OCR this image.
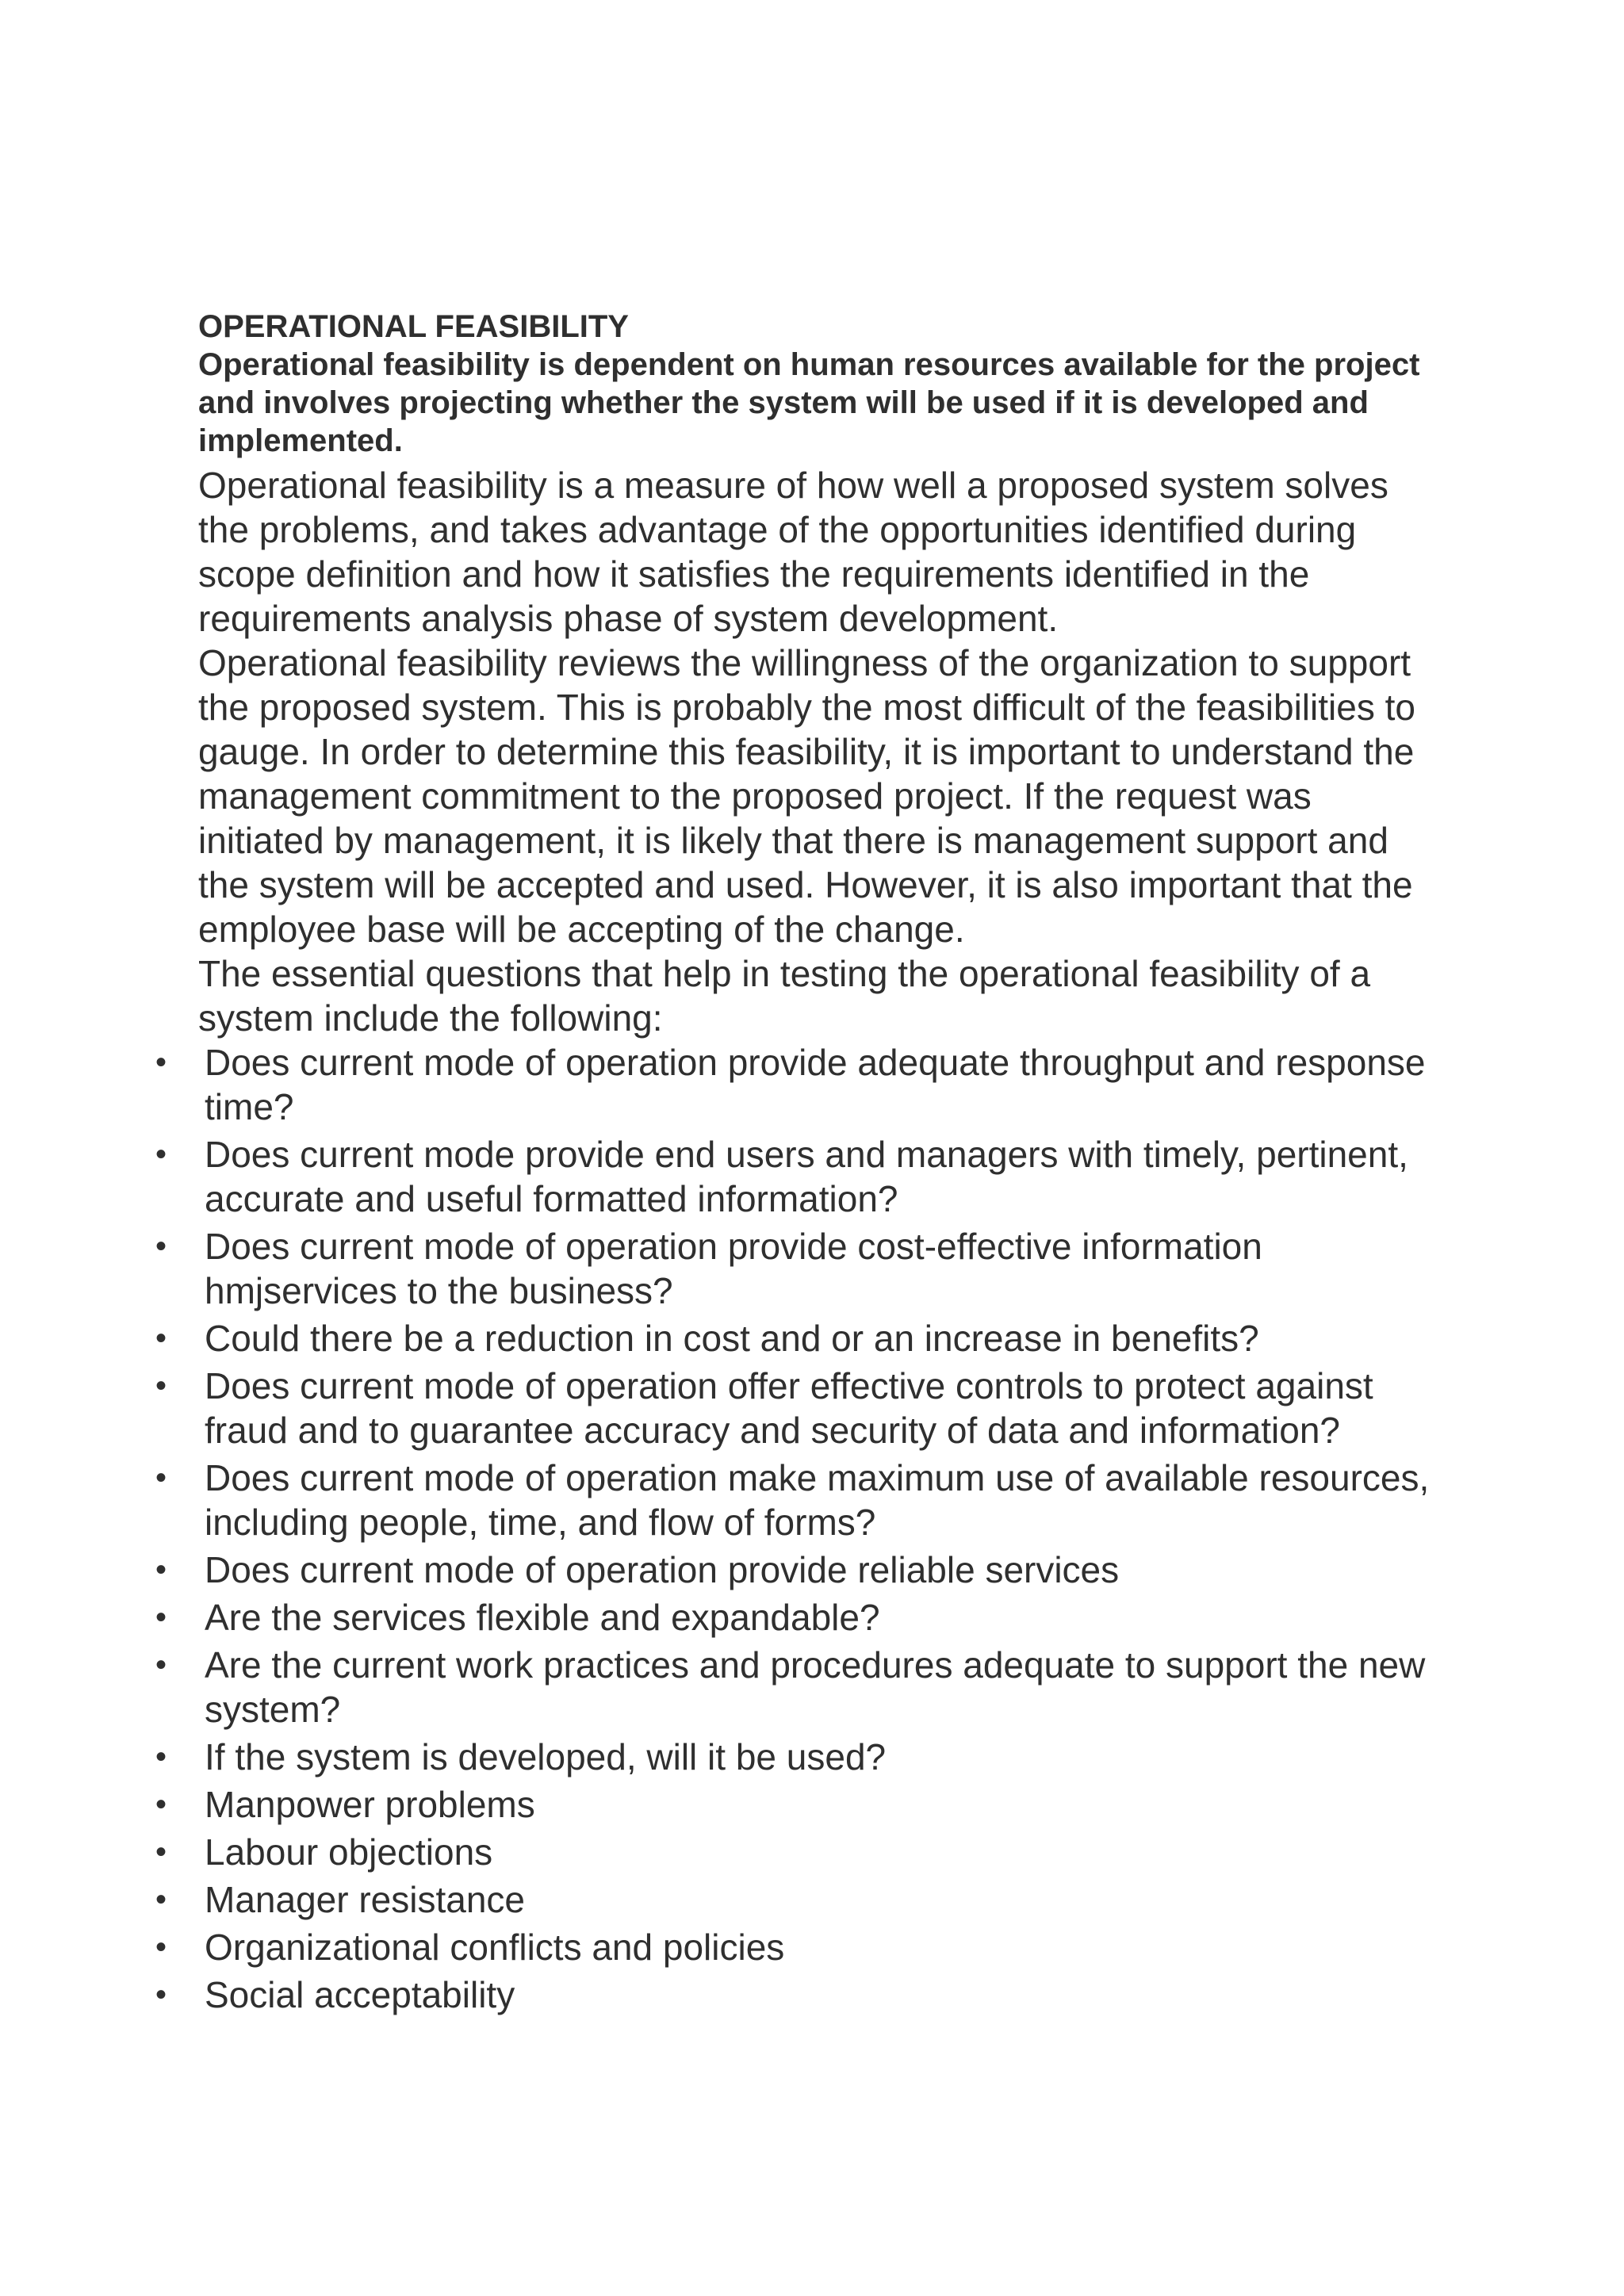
OPERATIONAL FEASIBILITY

Operational feasibility is dependent on human resources available for the project and involves projecting whether the system will be used if it is developed and implemented.

Operational feasibility is a measure of how well a proposed system solves the problems, and takes advantage of the opportunities identified during scope definition and how it satisfies the requirements identified in the requirements analysis phase of system development.

Operational feasibility reviews the willingness of the organization to support the proposed system. This is probably the most difficult of the feasibilities to gauge. In order to determine this feasibility, it is important to understand the management commitment to the proposed project. If the request was initiated by management, it is likely that there is management support and the system will be accepted and used. However, it is also important that the employee base will be accepting of the change.

The essential questions that help in testing the operational feasibility of a system include the following:

• Does current mode of operation provide adequate throughput and response time?
• Does current mode provide end users and managers with timely, pertinent, accurate and useful formatted information?
• Does current mode of operation provide cost-effective information hmjservices to the business?
• Could there be a reduction in cost and or an increase in benefits?
• Does current mode of operation offer effective controls to protect against fraud and to guarantee accuracy and security of data and information?
• Does current mode of operation make maximum use of available resources, including people, time, and flow of forms?
• Does current mode of operation provide reliable services
• Are the services flexible and expandable?
• Are the current work practices and procedures adequate to support the new system?
• If the system is developed, will it be used?
• Manpower problems
• Labour objections
• Manager resistance
• Organizational conflicts and policies
• Social acceptability
